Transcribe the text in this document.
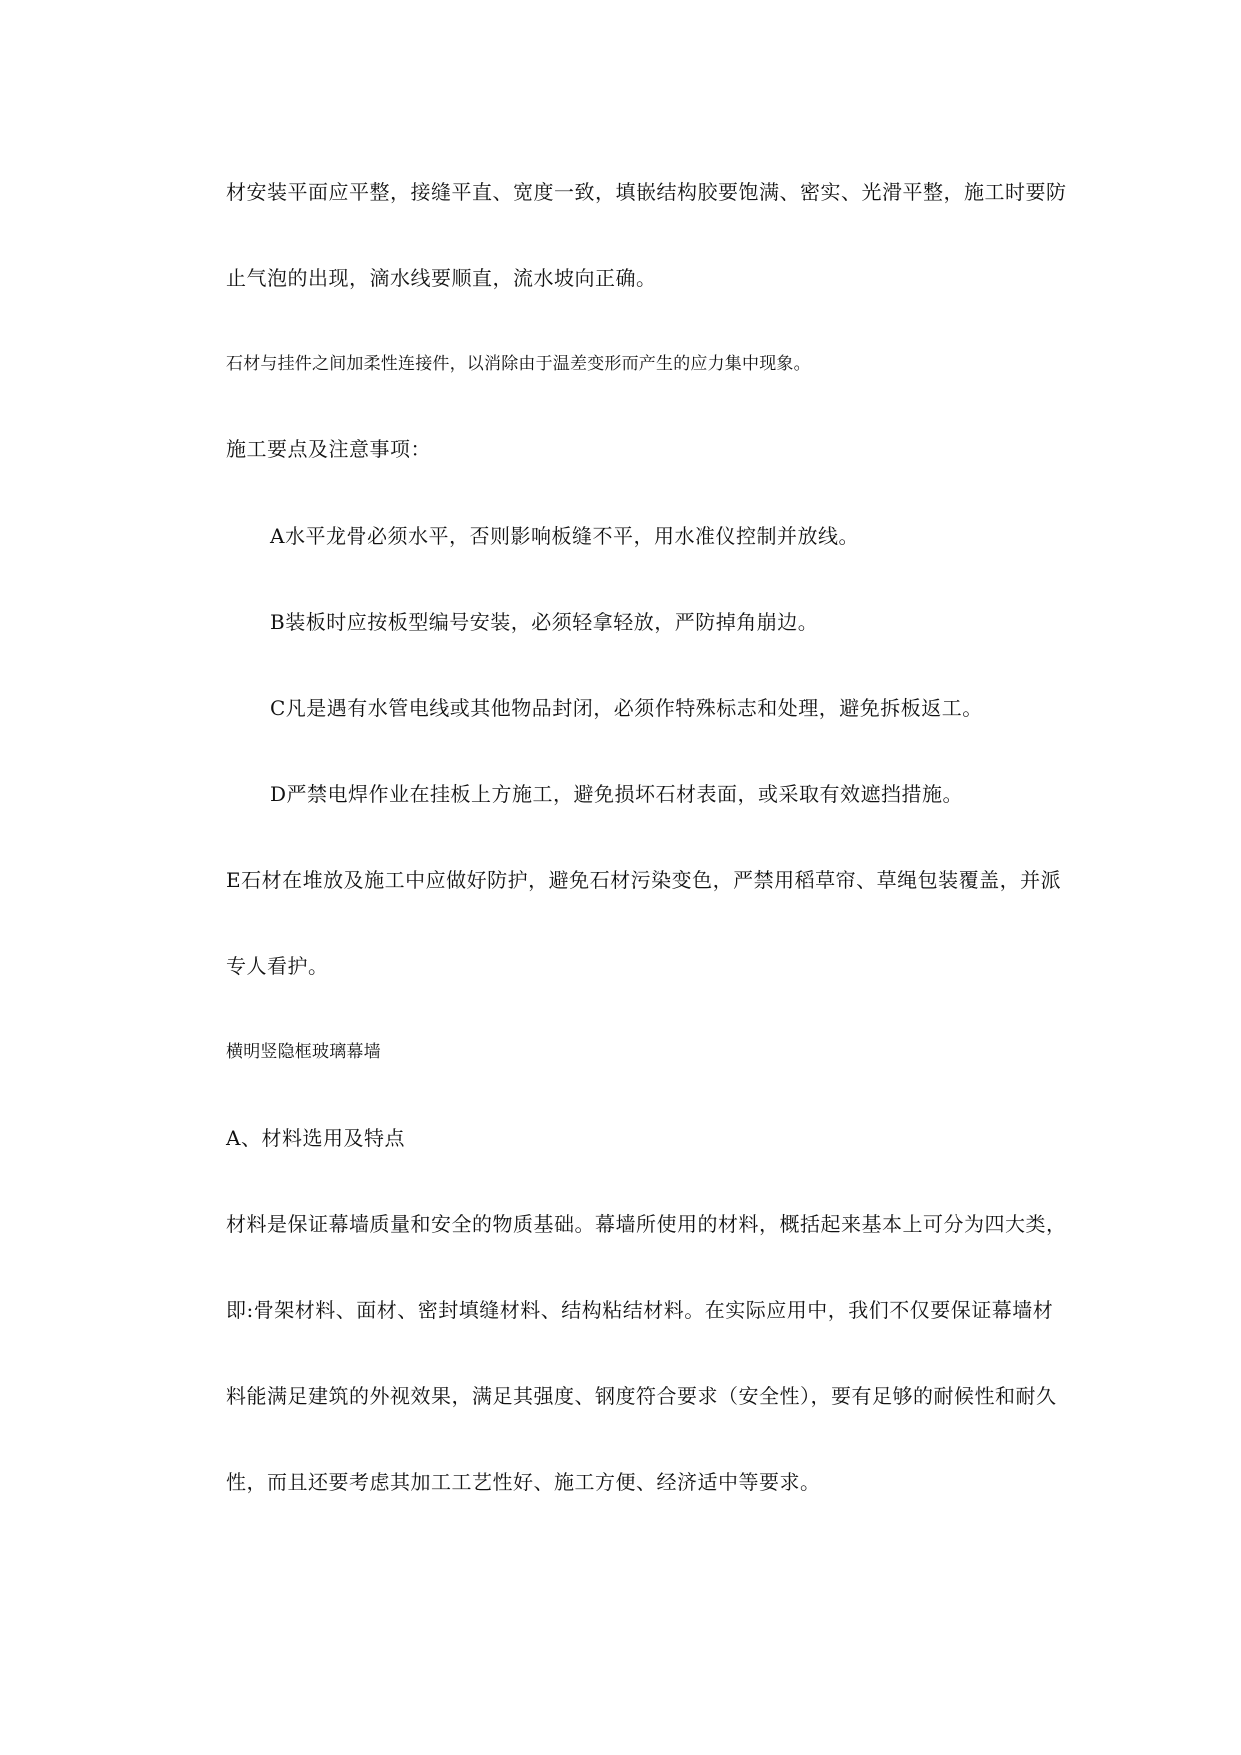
材安装平面应平整，接缝平直、宽度一致，填嵌结构胶要饱满、密实、光滑平整，施工时要防

止气泡的出现，滴水线要顺直，流水坡向正确。

石材与挂件之间加柔性连接件，以消除由于温差变形而产生的应力集中现象。

施工要点及注意事项：

A水平龙骨必须水平，否则影响板缝不平，用水准仪控制并放线。

B装板时应按板型编号安装，必须轻拿轻放，严防掉角崩边。

C凡是遇有水管电线或其他物品封闭，必须作特殊标志和处理，避免拆板返工。

D严禁电焊作业在挂板上方施工，避免损坏石材表面，或采取有效遮挡措施。

E石材在堆放及施工中应做好防护，避免石材污染变色，严禁用稻草帘、草绳包装覆盖，并派

专人看护。

横明竖隐框玻璃幕墙

A、材料选用及特点

材料是保证幕墙质量和安全的物质基础。幕墙所使用的材料，概括起来基本上可分为四大类，

即:骨架材料、面材、密封填缝材料、结构粘结材料。在实际应用中，我们不仅要保证幕墙材

料能满足建筑的外视效果，满足其强度、钢度符合要求（安全性），要有足够的耐候性和耐久

性，而且还要考虑其加工工艺性好、施工方便、经济适中等要求。
